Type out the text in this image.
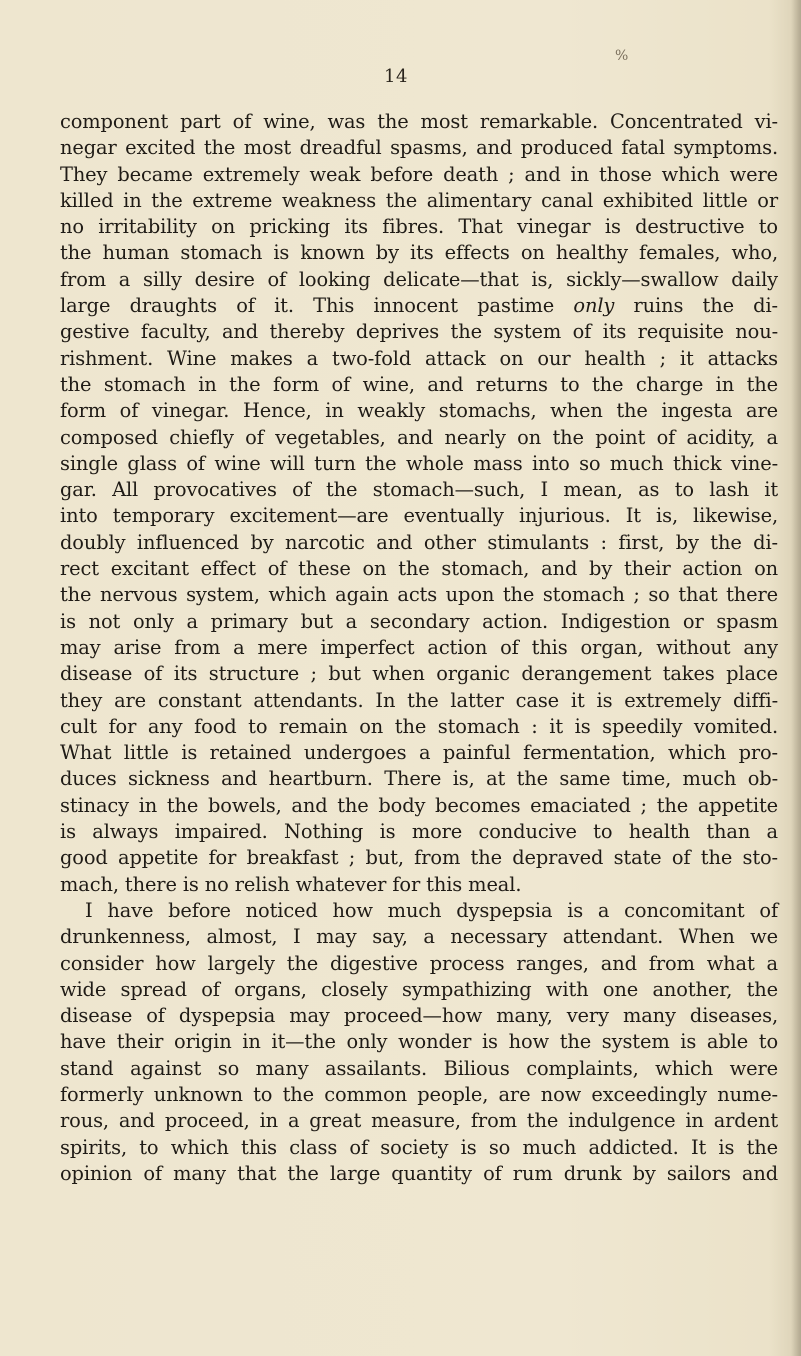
14
%
component part of wine, was the most remarkable. Concentrated vi-
negar excited the most dreadful spasms, and produced fatal symptoms.
They became extremely weak before death ; and in those which were
killed in the extreme weakness the alimentary canal exhibited little or
no irritability on pricking its fibres. That vinegar is destructive to
the human stomach is known by its effects on healthy females, who,
from a silly desire of looking delicate—that is, sickly—swallow daily
large draughts of it. This innocent pastime only ruins the di-
gestive faculty, and thereby deprives the system of its requisite nou-
rishment. Wine makes a two-fold attack on our health ; it attacks
the stomach in the form of wine, and returns to the charge in the
form of vinegar. Hence, in weakly stomachs, when the ingesta are
composed chiefly of vegetables, and nearly on the point of acidity, a
single glass of wine will turn the whole mass into so much thick vine-
gar. All provocatives of the stomach—such, I mean, as to lash it
into temporary excitement—are eventually injurious. It is, likewise,
doubly influenced by narcotic and other stimulants : first, by the di-
rect excitant effect of these on the stomach, and by their action on
the nervous system, which again acts upon the stomach ; so that there
is not only a primary but a secondary action. Indigestion or spasm
may arise from a mere imperfect action of this organ, without any
disease of its structure ; but when organic derangement takes place
they are constant attendants. In the latter case it is extremely diffi-
cult for any food to remain on the stomach : it is speedily vomited.
What little is retained undergoes a painful fermentation, which pro-
duces sickness and heartburn. There is, at the same time, much ob-
stinacy in the bowels, and the body becomes emaciated ; the appetite
is always impaired. Nothing is more conducive to health than a
good appetite for breakfast ; but, from the depraved state of the sto-
mach, there is no relish whatever for this meal.
I have before noticed how much dyspepsia is a concomitant of
drunkenness, almost, I may say, a necessary attendant. When we
consider how largely the digestive process ranges, and from what a
wide spread of organs, closely sympathizing with one another, the
disease of dyspepsia may proceed—how many, very many diseases,
have their origin in it—the only wonder is how the system is able to
stand against so many assailants. Bilious complaints, which were
formerly unknown to the common people, are now exceedingly nume-
rous, and proceed, in a great measure, from the indulgence in ardent
spirits, to which this class of society is so much addicted. It is the
opinion of many that the large quantity of rum drunk by sailors and
